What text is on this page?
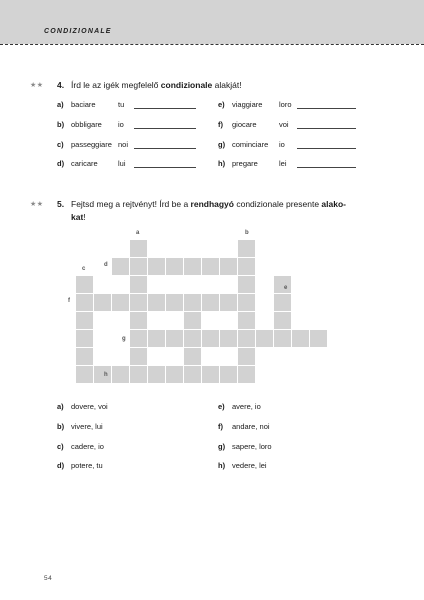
CONDIZIONALE
★★ 4. Írd le az igék megfelelő condizionale alakját!
a) baciare	tu
b) obbligare io
c) passeggiare noi
d) caricare	lui
e) viaggiare loro
f) giocare	voi
g) cominciare io
h) pregare	lei
★★ 5. Fejtsd meg a rejtvényt! Írd be a rendhagyó condizionale presente alako-
kat!
a	b
c
d
e
f
g
h
a) dovere, voi
b) vivere, lui
c) cadere, io
d) potere, tu
e) avere, io
f) andare, noi
g) sapere, loro
h) vedere, lei
54
